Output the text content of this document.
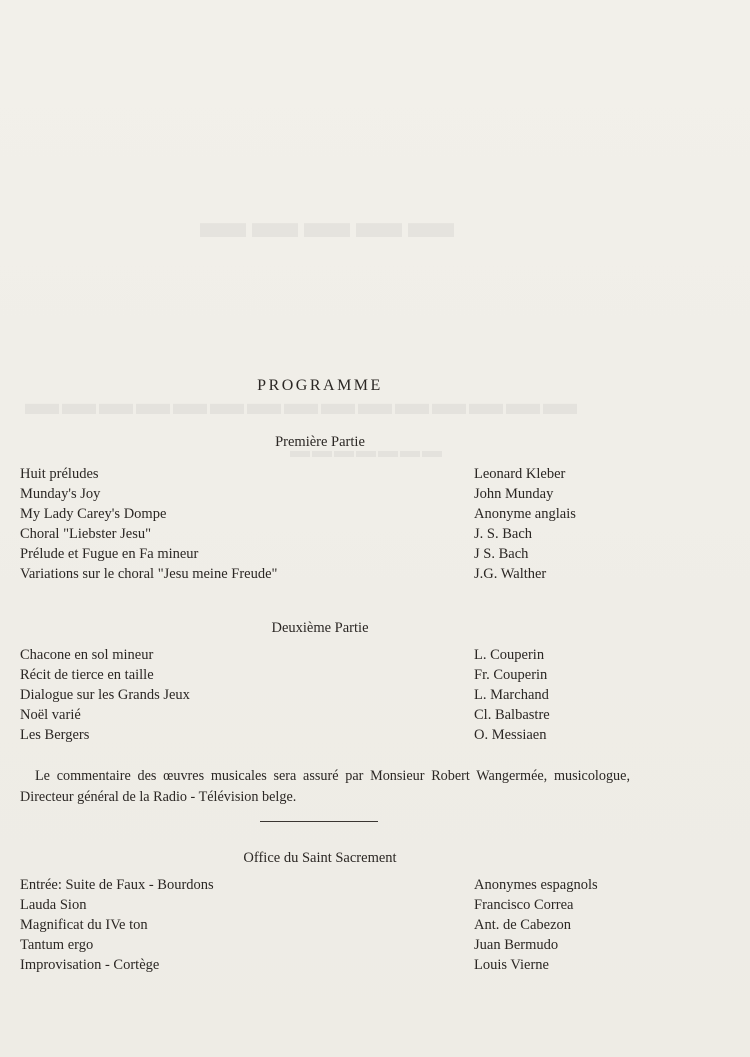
PROGRAMME
Première Partie
Huit préludes	Leonard Kleber
Munday's Joy	John Munday
My Lady Carey's Dompe	Anonyme anglais
Choral "Liebster Jesu"	J. S. Bach
Prélude et Fugue en Fa mineur	J S. Bach
Variations sur le choral "Jesu meine Freude"	J.G. Walther
Deuxième Partie
Chacone en sol mineur	L. Couperin
Récit de tierce en taille	Fr. Couperin
Dialogue sur les Grands Jeux	L. Marchand
Noël varié	Cl. Balbastre
Les Bergers	O. Messiaen
Le commentaire des œuvres musicales sera assuré par Monsieur Robert Wangermée, musicologue, Directeur général de la Radio - Télévision belge.
Office du Saint Sacrement
Entrée: Suite de Faux - Bourdons	Anonymes espagnols
Lauda Sion	Francisco Correa
Magnificat du IVe ton	Ant. de Cabezon
Tantum ergo	Juan Bermudo
Improvisation - Cortège	Louis Vierne
